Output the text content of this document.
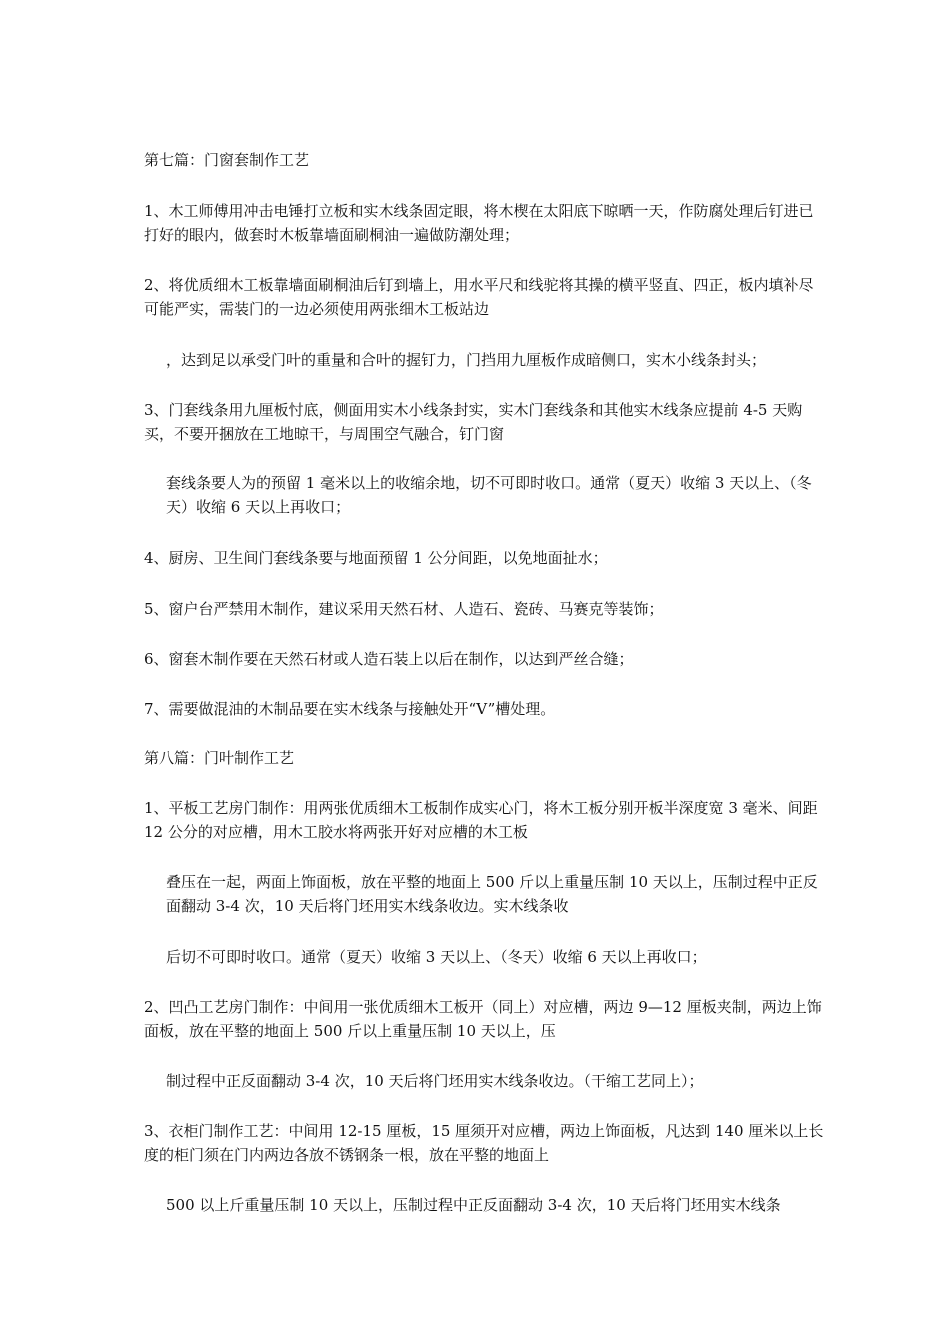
第七篇：门窗套制作工艺

1、木工师傅用冲击电锤打立板和实木线条固定眼，将木楔在太阳底下晾晒一天，作防腐处理后钉进已打好的眼内，做套时木板靠墙面刷桐油一遍做防潮处理；

2、将优质细木工板靠墙面刷桐油后钉到墙上，用水平尺和线驼将其操的横平竖直、四正，板内填补尽可能严实，需装门的一边必须使用两张细木工板站边

，达到足以承受门叶的重量和合叶的握钉力，门挡用九厘板作成暗侧口，实木小线条封头；

3、门套线条用九厘板忖底，侧面用实木小线条封实，实木门套线条和其他实木线条应提前 4-5 天购买，不要开捆放在工地晾干，与周围空气融合，钉门窗

套线条要人为的预留 1 毫米以上的收缩余地，切不可即时收口。通常（夏天）收缩 3 天以上、（冬天）收缩 6 天以上再收口；

4、厨房、卫生间门套线条要与地面预留 1 公分间距，以免地面扯水；

5、窗户台严禁用木制作，建议采用天然石材、人造石、瓷砖、马赛克等装饰；

6、窗套木制作要在天然石材或人造石装上以后在制作，以达到严丝合缝；

7、需要做混油的木制品要在实木线条与接触处开“V”槽处理。

第八篇：门叶制作工艺

1、平板工艺房门制作：用两张优质细木工板制作成实心门，将木工板分别开板半深度宽 3 毫米、间距 12 公分的对应槽，用木工胶水将两张开好对应槽的木工板

叠压在一起，两面上饰面板，放在平整的地面上 500 斤以上重量压制 10 天以上，压制过程中正反面翻动 3-4 次，10 天后将门坯用实木线条收边。实木线条收

后切不可即时收口。通常（夏天）收缩 3 天以上、（冬天）收缩 6 天以上再收口；

2、凹凸工艺房门制作：中间用一张优质细木工板开（同上）对应槽，两边 9—12 厘板夹制，两边上饰面板，放在平整的地面上 500 斤以上重量压制 10 天以上，压

制过程中正反面翻动 3-4 次，10 天后将门坯用实木线条收边。（干缩工艺同上）；

3、衣柜门制作工艺：中间用 12-15 厘板，15 厘须开对应槽，两边上饰面板，凡达到 140 厘米以上长度的柜门须在门内两边各放不锈钢条一根，放在平整的地面上

500 以上斤重量压制 10 天以上，压制过程中正反面翻动 3-4 次，10 天后将门坯用实木线条
